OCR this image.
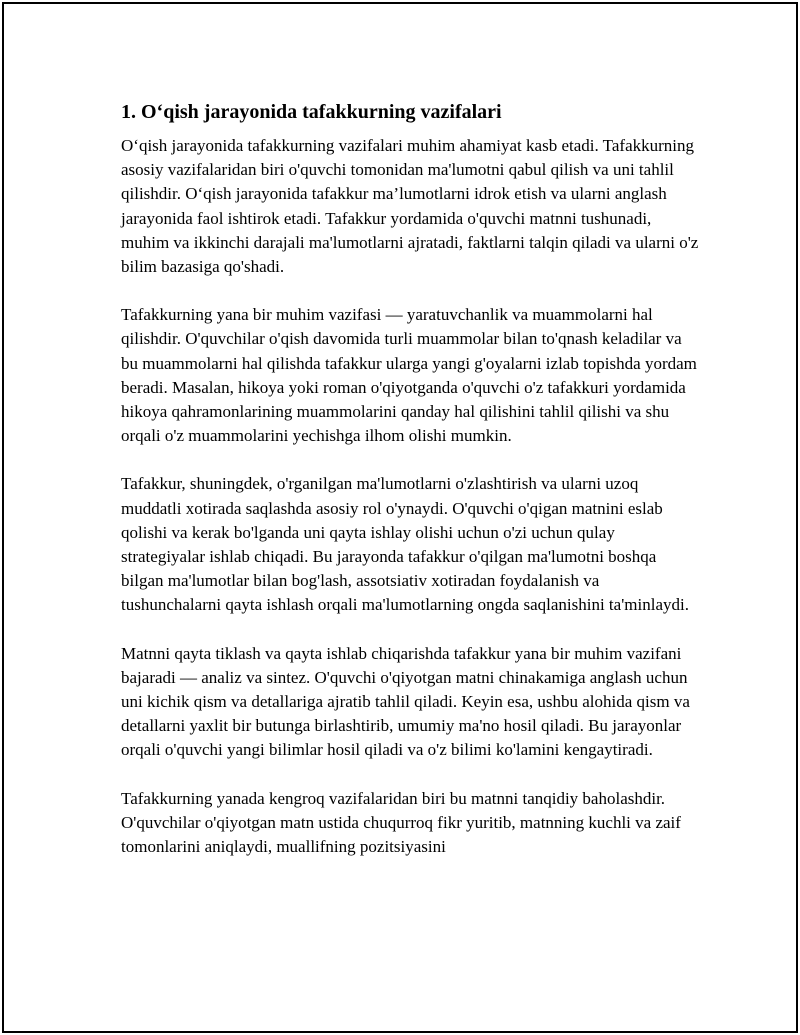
1. O‘qish jarayonida tafakkurning vazifalari

O‘qish jarayonida tafakkurning vazifalari muhim ahamiyat kasb etadi. Tafakkurning asosiy vazifalaridan biri o'quvchi tomonidan ma'lumotni qabul qilish va uni tahlil qilishdir. O‘qish jarayonida tafakkur ma’lumotlarni idrok etish va ularni anglash jarayonida faol ishtirok etadi. Tafakkur yordamida o'quvchi matnni tushunadi, muhim va ikkinchi darajali ma'lumotlarni ajratadi, faktlarni talqin qiladi va ularni o'z bilim bazasiga qo'shadi.

Tafakkurning yana bir muhim vazifasi — yaratuvchanlik va muammolarni hal qilishdir. O'quvchilar o'qish davomida turli muammolar bilan to'qnash keladilar va bu muammolarni hal qilishda tafakkur ularga yangi g'oyalarni izlab topishda yordam beradi. Masalan, hikoya yoki roman o'qiyotganda o'quvchi o'z tafakkuri yordamida hikoya qahramonlarining muammolarini qanday hal qilishini tahlil qilishi va shu orqali o'z muammolarini yechishga ilhom olishi mumkin.

Tafakkur, shuningdek, o'rganilgan ma'lumotlarni o'zlashtirish va ularni uzoq muddatli xotirada saqlashda asosiy rol o'ynaydi. O'quvchi o'qigan matnini eslab qolishi va kerak bo'lganda uni qayta ishlay olishi uchun o'zi uchun qulay strategiyalar ishlab chiqadi. Bu jarayonda tafakkur o'qilgan ma'lumotni boshqa bilgan ma'lumotlar bilan bog'lash, assotsiativ xotiradan foydalanish va tushunchalarni qayta ishlash orqali ma'lumotlarning ongda saqlanishini ta'minlaydi.

Matnni qayta tiklash va qayta ishlab chiqarishda tafakkur yana bir muhim vazifani bajaradi — analiz va sintez. O'quvchi o'qiyotgan matni chinakamiga anglash uchun uni kichik qism va detallariga ajratib tahlil qiladi. Keyin esa, ushbu alohida qism va detallarni yaxlit bir butunga birlashtirib, umumiy ma'no hosil qiladi. Bu jarayonlar orqali o'quvchi yangi bilimlar hosil qiladi va o'z bilimi ko'lamini kengaytiradi.

Tafakkurning yanada kengroq vazifalaridan biri bu matnni tanqidiy baholashdir. O'quvchilar o'qiyotgan matn ustida chuqurroq fikr yuritib, matnning kuchli va zaif tomonlarini aniqlaydi, muallifning pozitsiyasini
